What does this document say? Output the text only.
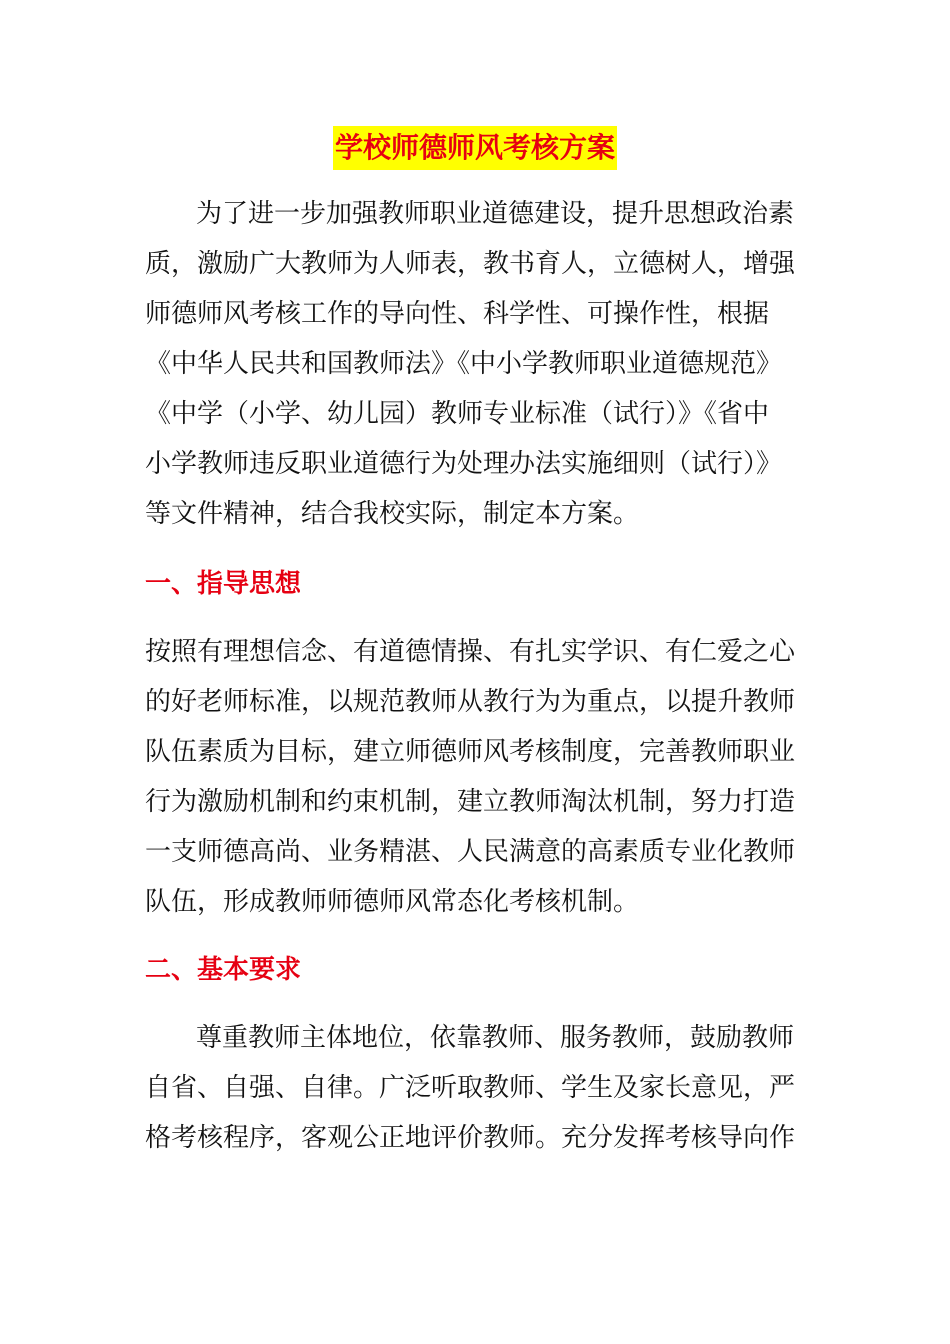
学校师德师风考核方案
为了进一步加强教师职业道德建设，提升思想政治素
质，激励广大教师为人师表，教书育人，立德树人，增强
师德师风考核工作的导向性、科学性、可操作性，根据
《中华人民共和国教师法》《中小学教师职业道德规范》
《中学（小学、幼儿园）教师专业标准（试行）》《省中
小学教师违反职业道德行为处理办法实施细则（试行）》
等文件精神，结合我校实际，制定本方案。
一、指导思想
按照有理想信念、有道德情操、有扎实学识、有仁爱之心
的好老师标准，以规范教师从教行为为重点，以提升教师
队伍素质为目标，建立师德师风考核制度，完善教师职业
行为激励机制和约束机制，建立教师淘汰机制，努力打造
一支师德高尚、业务精湛、人民满意的高素质专业化教师
队伍，形成教师师德师风常态化考核机制。
二、基本要求
尊重教师主体地位，依靠教师、服务教师，鼓励教师
自省、自强、自律。广泛听取教师、学生及家长意见，严
格考核程序，客观公正地评价教师。充分发挥考核导向作
